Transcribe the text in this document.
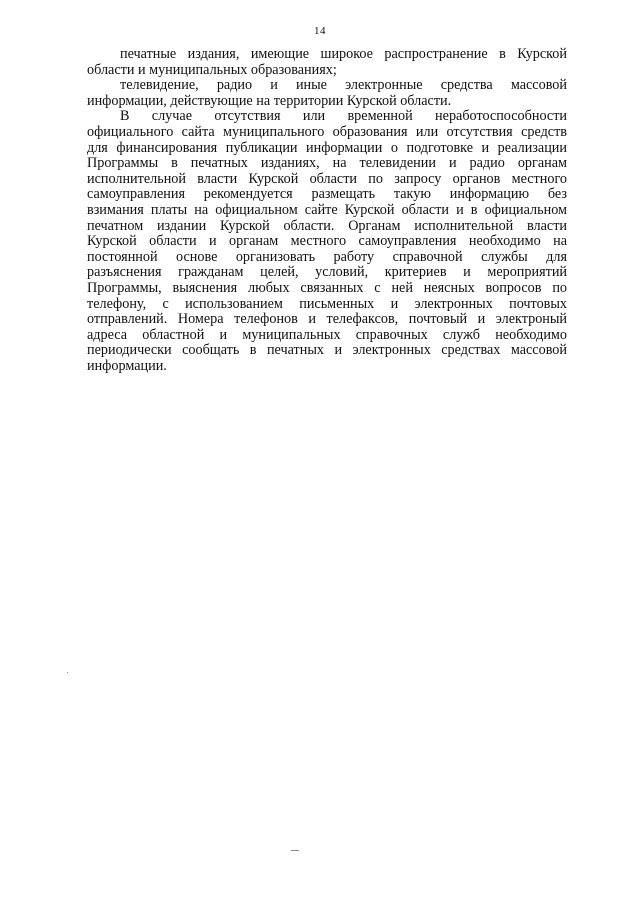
14
печатные издания, имеющие широкое распространение в Курской
области и муниципальных образованиях;
телевидение, радио и иные электронные средства массовой
информации, действующие на территории Курской области.
В случае отсутствия или временной неработоспособности
официального сайта муниципального образования или отсутствия средств
для финансирования публикации информации о подготовке и реализации
Программы в печатных изданиях, на телевидении и радио органам
исполнительной власти Курской области по запросу органов местного
самоуправления рекомендуется размещать такую информацию без
взимания платы на официальном сайте Курской области и в официальном
печатном издании Курской области. Органам исполнительной власти
Курской области и органам местного самоуправления необходимо на
постоянной основе организовать работу справочной службы для
разъяснения гражданам целей, условий, критериев и мероприятий
Программы, выяснения любых связанных с ней неясных вопросов по
телефону, с использованием письменных и электронных почтовых
отправлений. Номера телефонов и телефаксов, почтовый и электроный
адреса областной и муниципальных справочных служб необходимо
периодически сообщать в печатных и электронных средствах массовой
информации.
